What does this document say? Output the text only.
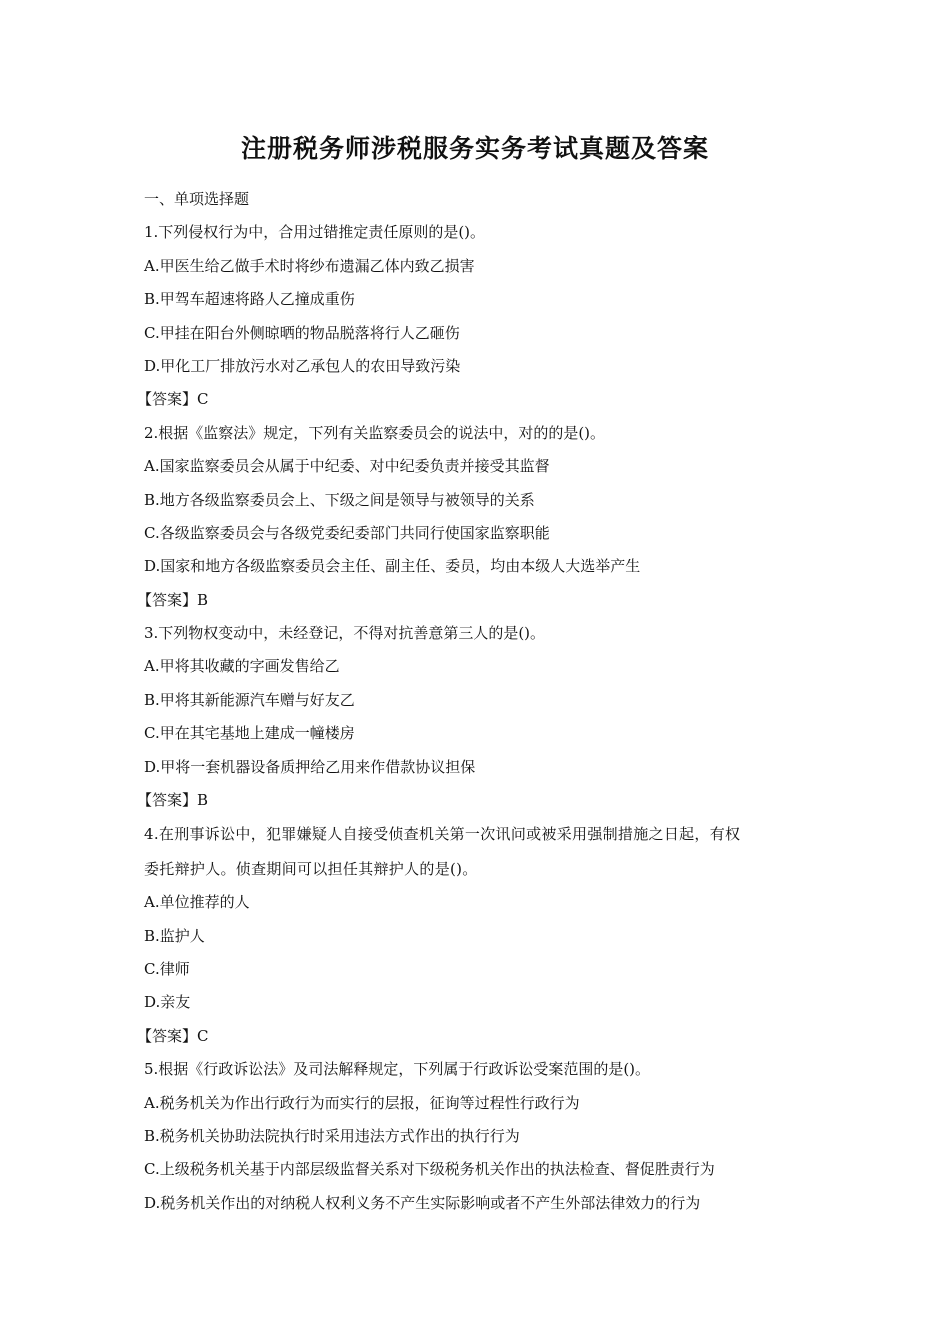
注册税务师涉税服务实务考试真题及答案
一、单项选择题
1.下列侵权行为中，合用过错推定责任原则的是()。
A.甲医生给乙做手术时将纱布遗漏乙体内致乙损害
B.甲驾车超速将路人乙撞成重伤
C.甲挂在阳台外侧晾晒的物品脱落将行人乙砸伤
D.甲化工厂排放污水对乙承包人的农田导致污染
【答案】C
2.根据《监察法》规定，下列有关监察委员会的说法中，对的的是()。
A.国家监察委员会从属于中纪委、对中纪委负责并接受其监督
B.地方各级监察委员会上、下级之间是领导与被领导的关系
C.各级监察委员会与各级党委纪委部门共同行使国家监察职能
D.国家和地方各级监察委员会主任、副主任、委员，均由本级人大选举产生
【答案】B
3.下列物权变动中，未经登记，不得对抗善意第三人的是()。
A.甲将其收藏的字画发售给乙
B.甲将其新能源汽车赠与好友乙
C.甲在其宅基地上建成一幢楼房
D.甲将一套机器设备质押给乙用来作借款协议担保
【答案】B
4.在刑事诉讼中，犯罪嫌疑人自接受侦查机关第一次讯问或被采用强制措施之日起，有权
委托辩护人。侦查期间可以担任其辩护人的是()。
A.单位推荐的人
B.监护人
C.律师
D.亲友
【答案】C
5.根据《行政诉讼法》及司法解释规定，下列属于行政诉讼受案范围的是()。
A.税务机关为作出行政行为而实行的层报，征询等过程性行政行为
B.税务机关协助法院执行时采用违法方式作出的执行行为
C.上级税务机关基于内部层级监督关系对下级税务机关作出的执法检查、督促胜责行为
D.税务机关作出的对纳税人权利义务不产生实际影响或者不产生外部法律效力的行为
